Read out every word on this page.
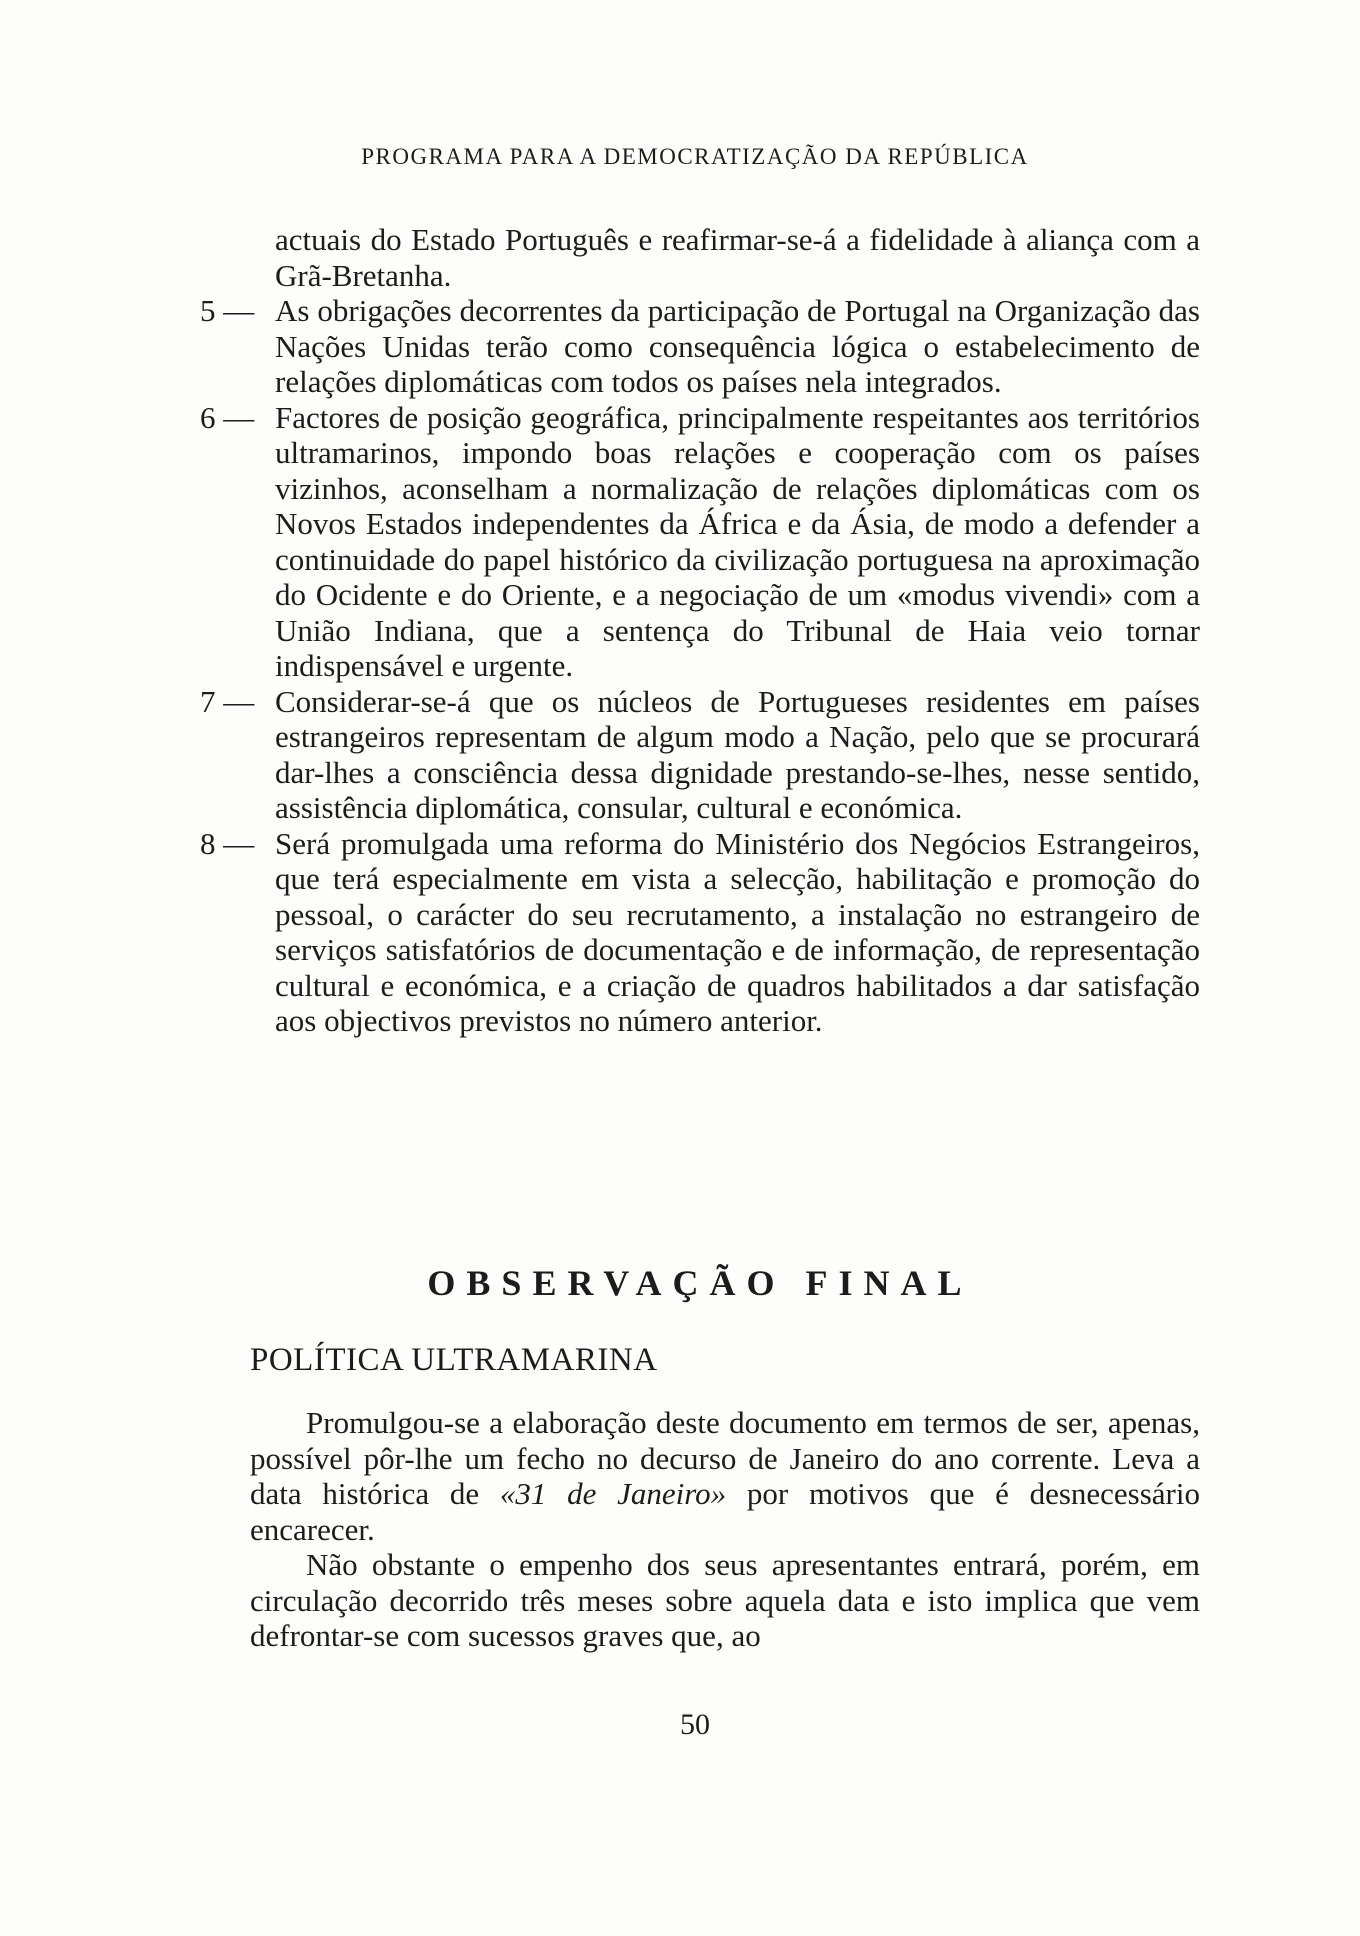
PROGRAMA PARA A DEMOCRATIZAÇÃO DA REPÚBLICA
actuais do Estado Português e reafirmar-se-á a fidelidade à aliança com a Grã-Bretanha.
5 — As obrigações decorrentes da participação de Portugal na Organização das Nações Unidas terão como consequência lógica o estabelecimento de relações diplomáticas com todos os países nela integrados.
6 — Factores de posição geográfica, principalmente respeitantes aos territórios ultramarinos, impondo boas relações e cooperação com os países vizinhos, aconselham a normalização de relações diplomáticas com os Novos Estados independentes da África e da Ásia, de modo a defender a continuidade do papel histórico da civilização portuguesa na aproximação do Ocidente e do Oriente, e a negociação de um «modus vivendi» com a União Indiana, que a sentença do Tribunal de Haia veio tornar indispensável e urgente.
7 — Considerar-se-á que os núcleos de Portugueses residentes em países estrangeiros representam de algum modo a Nação, pelo que se procurará dar-lhes a consciência dessa dignidade prestando-se-lhes, nesse sentido, assistência diplomática, consular, cultural e económica.
8 — Será promulgada uma reforma do Ministério dos Negócios Estrangeiros, que terá especialmente em vista a selecção, habilitação e promoção do pessoal, o carácter do seu recrutamento, a instalação no estrangeiro de serviços satisfatórios de documentação e de informação, de representação cultural e económica, e a criação de quadros habilitados a dar satisfação aos objectivos previstos no número anterior.
OBSERVAÇÃO FINAL
POLÍTICA ULTRAMARINA

Promulgou-se a elaboração deste documento em termos de ser, apenas, possível pôr-lhe um fecho no decurso de Janeiro do ano corrente. Leva a data histórica de «31 de Janeiro» por motivos que é desnecessário encarecer.

Não obstante o empenho dos seus apresentantes entrará, porém, em circulação decorrido três meses sobre aquela data e isto implica que vem defrontar-se com sucessos graves que, ao

50
